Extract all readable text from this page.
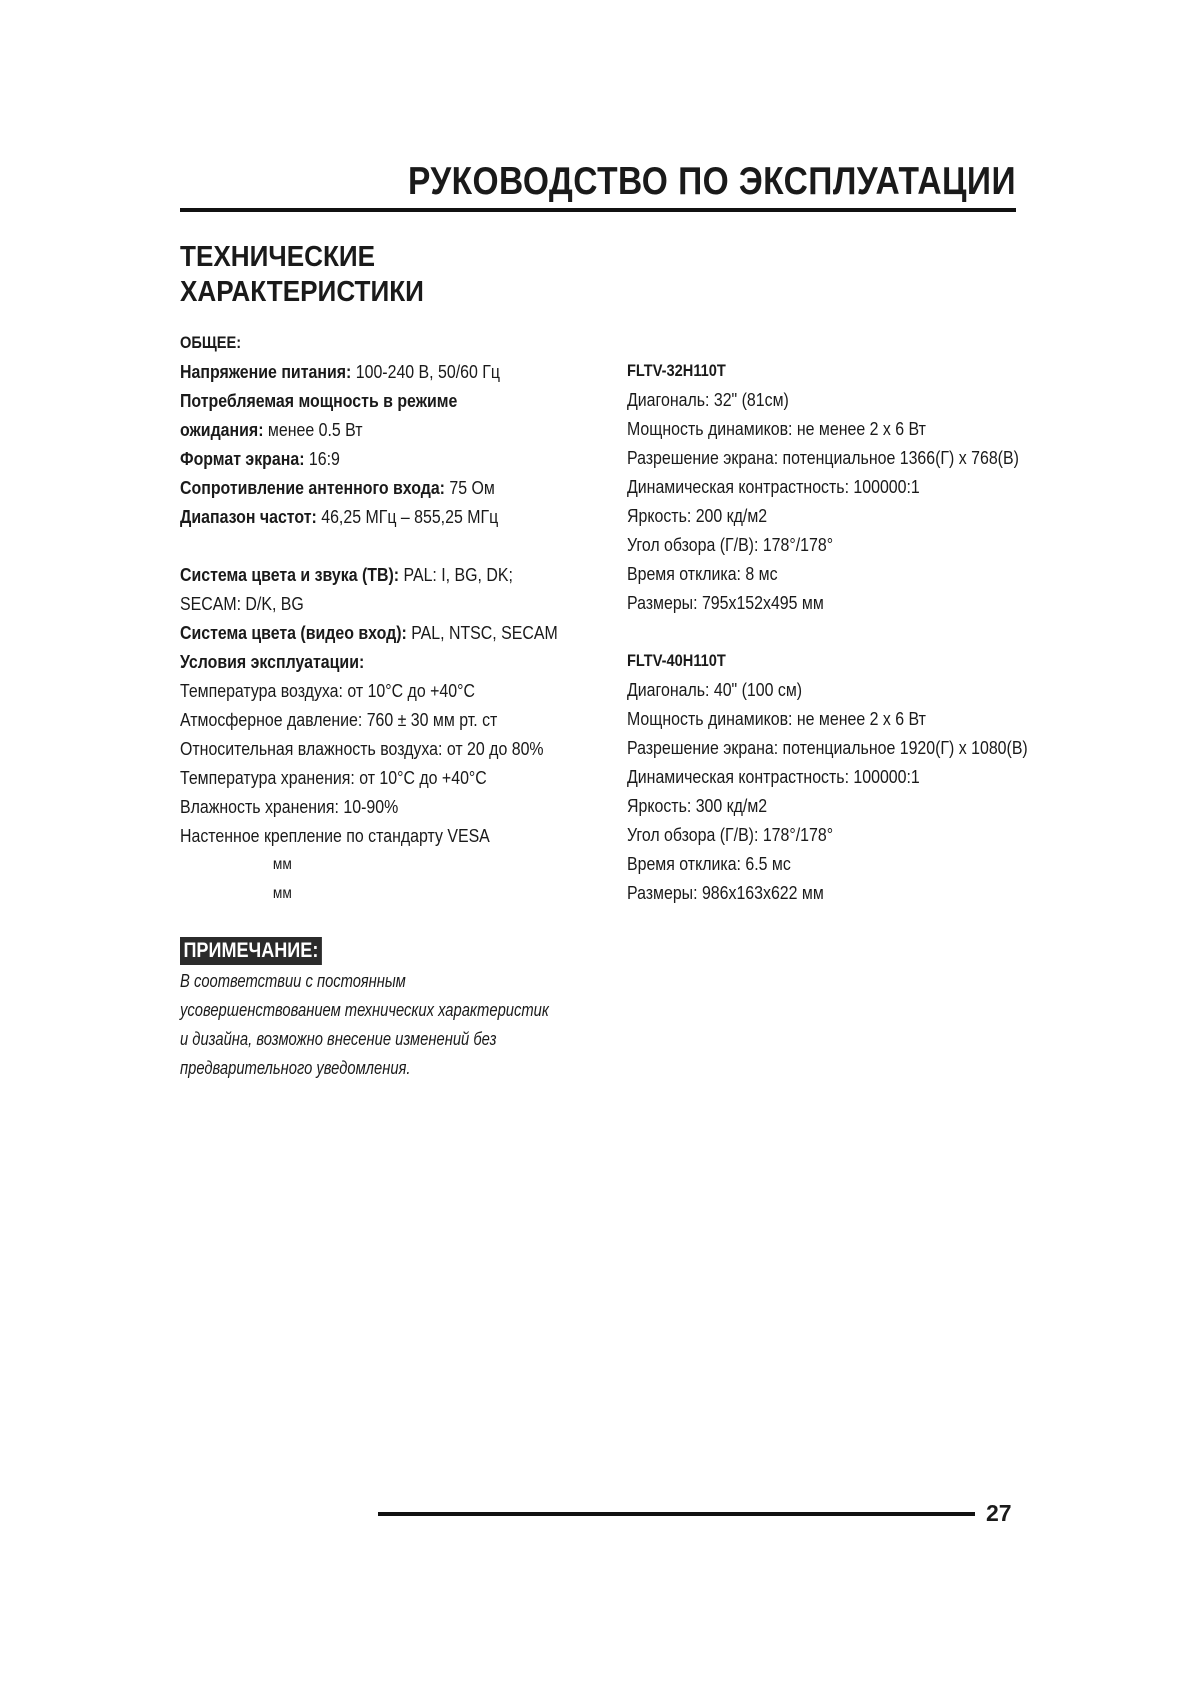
РУКОВОДСТВО ПО ЭКСПЛУАТАЦИИ
ТЕХНИЧЕСКИЕ
ХАРАКТЕРИСТИКИ
ОБЩЕЕ:
Напряжение питания: 100-240 В, 50/60 Гц
Потребляемая мощность в режиме
ожидания: менее 0.5 Вт
Формат экрана: 16:9
Сопротивление антенного входа: 75 Ом
Диапазон частот: 46,25 МГц – 855,25 МГц
Система цвета и звука (ТВ): PAL: I, BG, DK;
SECAM: D/K, BG
Система цвета (видео вход): PAL, NTSC, SECAM
Условия эксплуатации:
Температура воздуха: от 10°С до +40°С
Атмосферное давление: 760 ± 30 мм рт. ст
Относительная влажность воздуха: от 20 до 80%
Температура хранения: от 10°С до +40°С
Влажность хранения: 10-90%
Настенное крепление по стандарту VESA
мм
мм
ПРИМЕЧАНИЕ:
В соответствии с постоянным
усовершенствованием технических характеристик
и дизайна, возможно внесение изменений без
предварительного уведомления.
FLTV-32H110T
Диагональ: 32" (81см)
Мощность динамиков: не менее 2 x 6 Вт
Разрешение экрана: потенциальное 1366(Г) х 768(В)
Динамическая контрастность: 100000:1
Яркость: 200 кд/м2
Угол обзора (Г/В): 178°/178°
Время отклика: 8 мс
Размеры: 795x152x495 мм
FLTV-40H110T
Диагональ: 40" (100 см)
Мощность динамиков: не менее 2 x 6 Вт
Разрешение экрана: потенциальное 1920(Г) х 1080(В)
Динамическая контрастность: 100000:1
Яркость: 300 кд/м2
Угол обзора (Г/В): 178°/178°
Время отклика: 6.5 мс
Размеры: 986x163x622 мм
27
